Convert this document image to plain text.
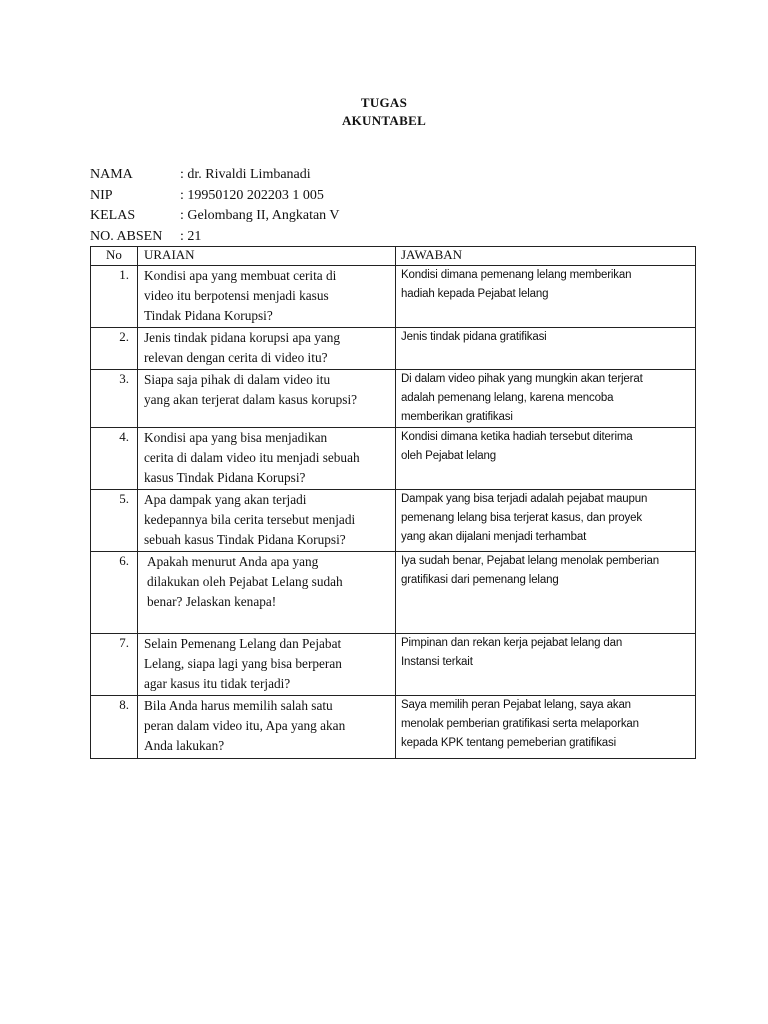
TUGAS
AKUNTABEL
NAMA	: dr. Rivaldi Limbanadi
NIP	: 19950120 202203 1 005
KELAS	: Gelombang II, Angkatan V
NO. ABSEN : 21
No	URAIAN	JAWABAN
1.	Kondisi apa yang membuat cerita di
video itu berpotensi menjadi kasus
Tindak Pidana Korupsi?	Kondisi dimana pemenang lelang memberikan
hadiah kepada Pejabat lelang

2.	Jenis tindak pidana korupsi apa yang
relevan dengan cerita di video itu?	Jenis tindak pidana gratifikasi

3.	Siapa saja pihak di dalam video itu
yang akan terjerat dalam kasus korupsi?	Di dalam video pihak yang mungkin akan terjerat
adalah pemenang lelang, karena mencoba
memberikan gratifikasi

4.	Kondisi apa yang bisa menjadikan
cerita di dalam video itu menjadi sebuah
kasus Tindak Pidana Korupsi?	Kondisi dimana ketika hadiah tersebut diterima
oleh Pejabat lelang

5.	Apa dampak yang akan terjadi
kedepannya bila cerita tersebut menjadi
sebuah kasus Tindak Pidana Korupsi?	Dampak yang bisa terjadi adalah pejabat maupun
pemenang lelang bisa terjerat kasus, dan proyek
yang akan dijalani menjadi terhambat

6.	Apakah menurut Anda apa yang
dilakukan oleh Pejabat Lelang sudah
benar? Jelaskan kenapa!	Iya sudah benar, Pejabat lelang menolak pemberian
gratifikasi dari pemenang lelang

7.	Selain Pemenang Lelang dan Pejabat
Lelang, siapa lagi yang bisa berperan
agar kasus itu tidak terjadi?	Pimpinan dan rekan kerja pejabat lelang dan
Instansi terkait

8.	Bila Anda harus memilih salah satu
peran dalam video itu, Apa yang akan
Anda lakukan?	Saya memilih peran Pejabat lelang, saya akan
menolak pemberian gratifikasi serta melaporkan
kepada KPK tentang pemeberian gratifikasi
